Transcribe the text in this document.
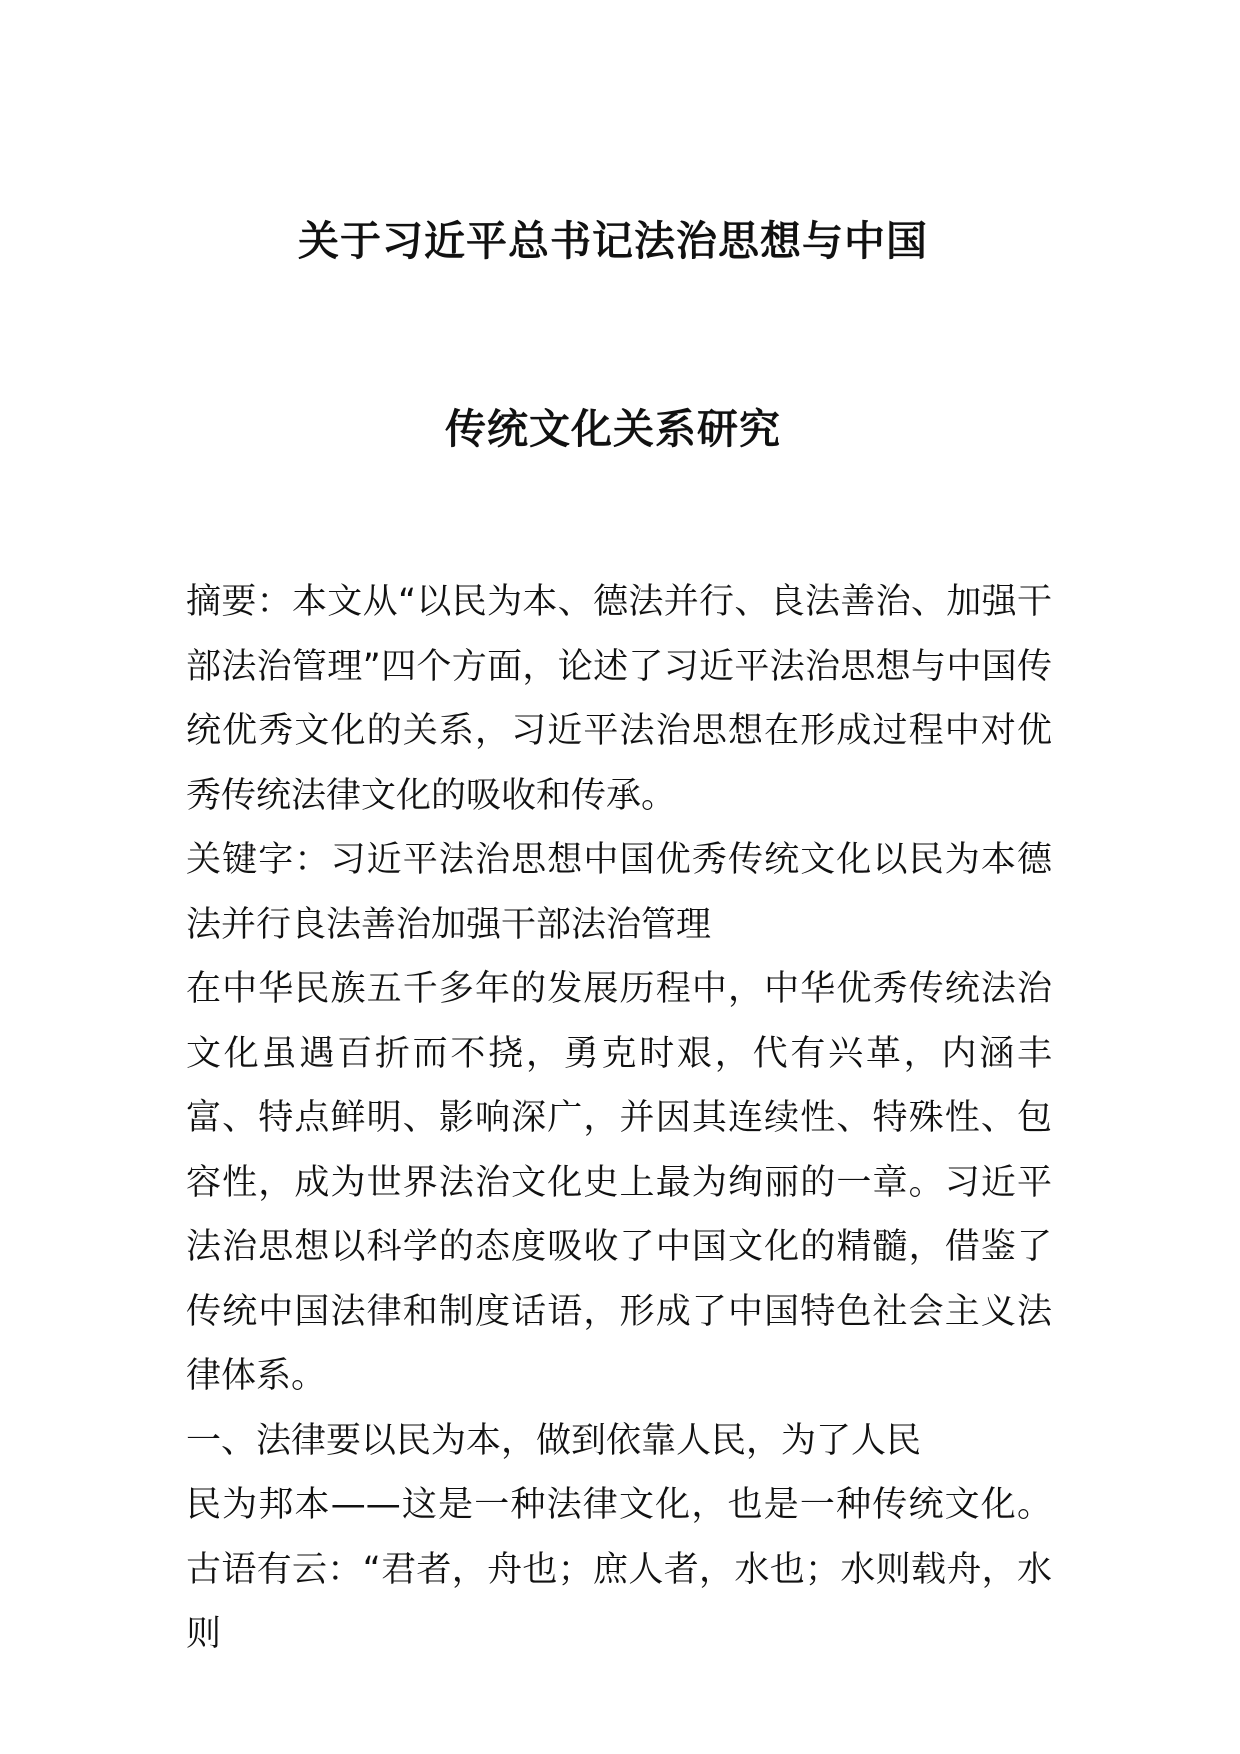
关于习近平总书记法治思想与中国
传统文化关系研究

摘要：本文从“以民为本、德法并行、良法善治、加强干部法治管理”四个方面，论述了习近平法治思想与中国传统优秀文化的关系，习近平法治思想在形成过程中对优秀传统法律文化的吸收和传承。

关键字：习近平法治思想中国优秀传统文化以民为本德法并行良法善治加强干部法治管理

在中华民族五千多年的发展历程中，中华优秀传统法治文化虽遇百折而不挠，勇克时艰，代有兴革，内涵丰富、特点鲜明、影响深广，并因其连续性、特殊性、包容性，成为世界法治文化史上最为绚丽的一章。习近平法治思想以科学的态度吸收了中国文化的精髓，借鉴了传统中国法律和制度话语，形成了中国特色社会主义法律体系。

一、法律要以民为本，做到依靠人民，为了人民

民为邦本——这是一种法律文化，也是一种传统文化。古语有云：“君者，舟也；庶人者，水也；水则载舟，水则
